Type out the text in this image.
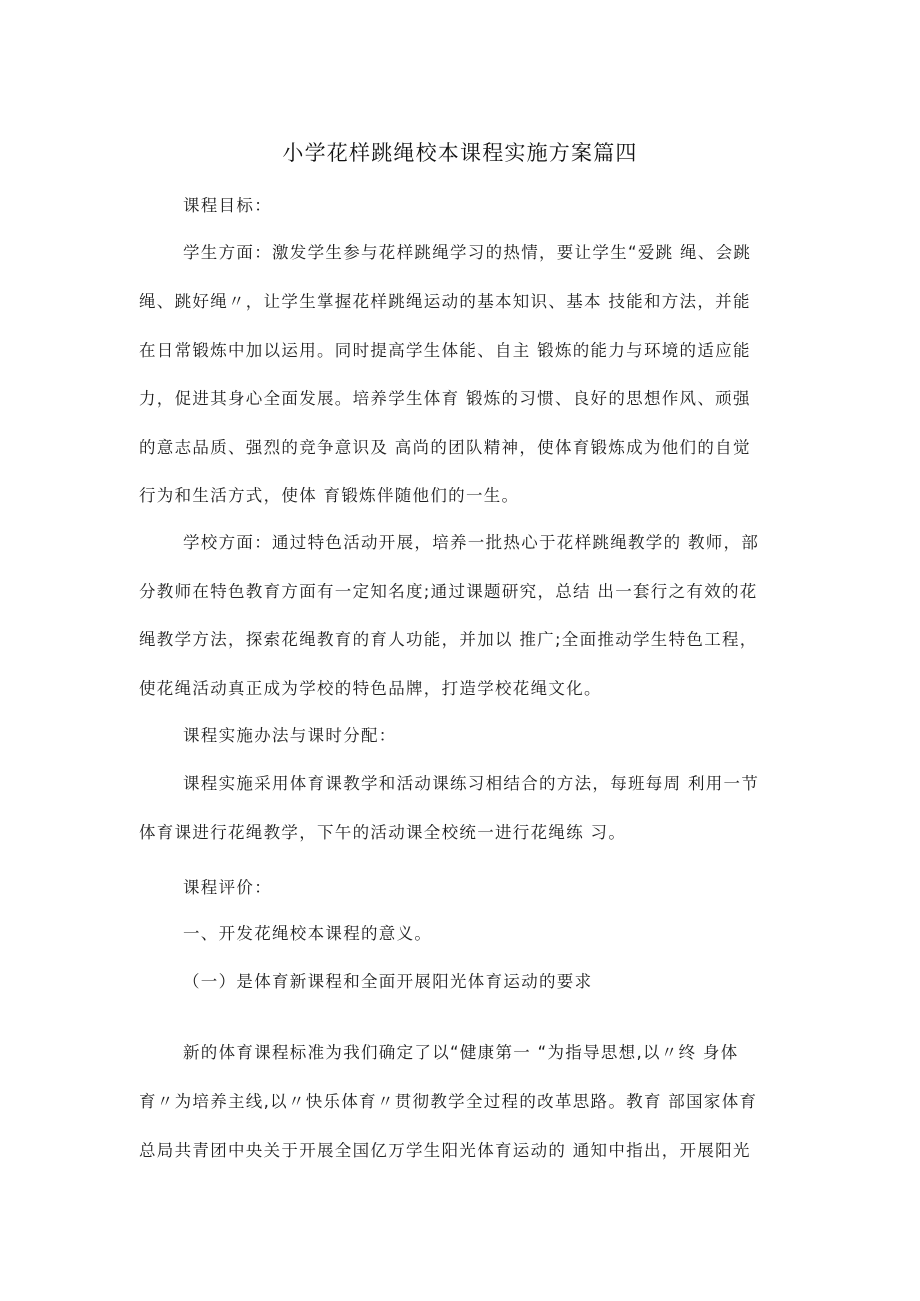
小学花样跳绳校本课程实施方案篇四
课程目标：
学生方面：激发学生参与花样跳绳学习的热情，要让学生“爱跳 绳、会跳
绳、跳好绳〃，让学生掌握花样跳绳运动的基本知识、基本 技能和方法，并能
在日常锻炼中加以运用。同时提高学生体能、自主 锻炼的能力与环境的适应能
力，促进其身心全面发展。培养学生体育 锻炼的习惯、良好的思想作风、顽强
的意志品质、强烈的竞争意识及 高尚的团队精神，使体育锻炼成为他们的自觉
行为和生活方式，使体 育锻炼伴随他们的一生。
学校方面：通过特色活动开展，培养一批热心于花样跳绳教学的 教师，部
分教师在特色教育方面有一定知名度;通过课题研究，总结 出一套行之有效的花
绳教学方法，探索花绳教育的育人功能，并加以 推广;全面推动学生特色工程，
使花绳活动真正成为学校的特色品牌，打造学校花绳文化。
课程实施办法与课时分配：
课程实施采用体育课教学和活动课练习相结合的方法，每班每周 利用一节
体育课进行花绳教学，下午的活动课全校统一进行花绳练 习。
课程评价：
一、开发花绳校本课程的意义。
（一）是体育新课程和全面开展阳光体育运动的要求
新的体育课程标准为我们确定了以“健康第一 “为指导思想,以〃终 身体
育〃为培养主线,以〃快乐体育〃贯彻教学全过程的改革思路。教育 部国家体育
总局共青团中央关于开展全国亿万学生阳光体育运动的 通知中指出，开展阳光
